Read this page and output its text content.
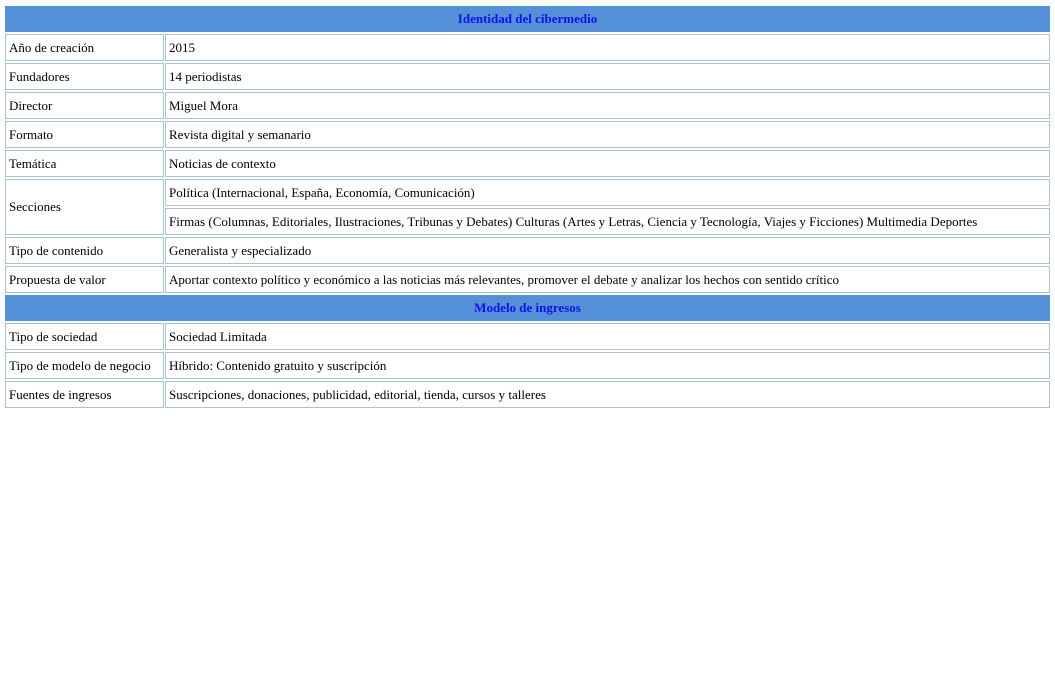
Identidad del cibermedio	
Año de creación	2015
Fundadores	14 periodistas
Director	Miguel Mora
Formato	Revista digital y semanario
Temática	Noticias de contexto
Secciones	Política (Internacional, España, Economía, Comunicación)
Firmas (Columnas, Editoriales, Ilustraciones, Tribunas y Debates) Culturas (Artes y Letras, Ciencia y Tecnología, Viajes y Ficciones) Multimedia Deportes

Tipo de contenido	Generalista y especializado
Propuesta de valor	Aportar contexto político y económico a las noticias más relevantes, promover el debate y analizar los hechos con sentido crítico
Modelo de ingresos	
Tipo de sociedad	Sociedad Limitada
Tipo de modelo de negocio	Híbrido: Contenido gratuito y suscripción
Fuentes de ingresos	Suscripciones, donaciones, publicidad, editorial, tienda, cursos y talleres
